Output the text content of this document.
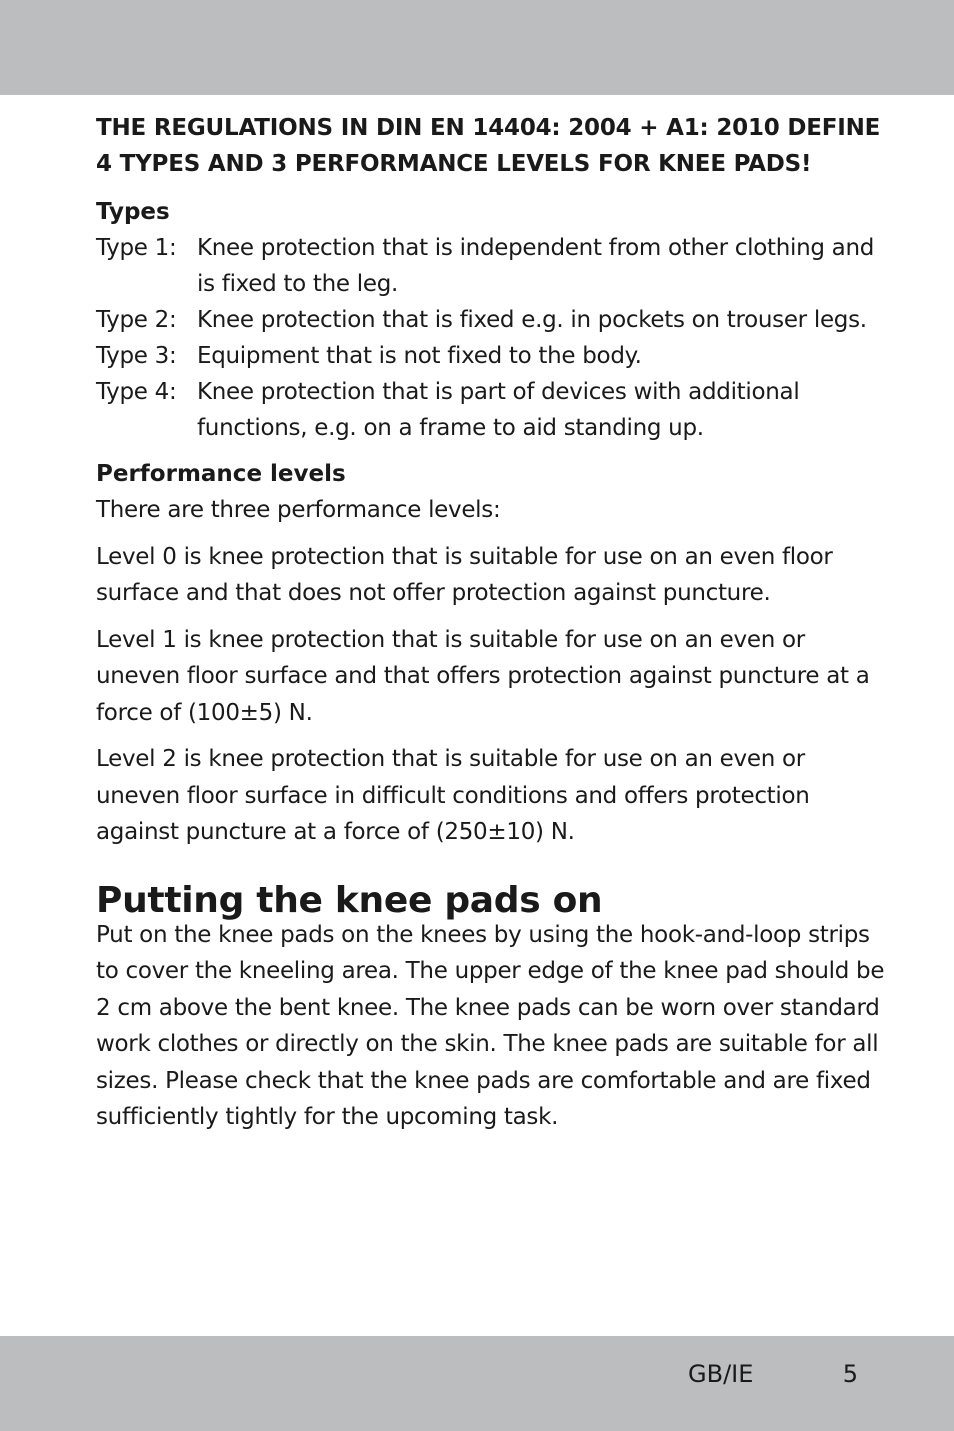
THE REGULATIONS IN DIN EN 14404: 2004 + A1: 2010 DEFINE 4 TYPES AND 3 PERFORMANCE LEVELS FOR KNEE PADS!

Types
Type 1: Knee protection that is independent from other clothing and is fixed to the leg.
Type 2: Knee protection that is fixed e.g. in pockets on trouser legs.
Type 3: Equipment that is not fixed to the body.
Type 4: Knee protection that is part of devices with additional functions, e.g. on a frame to aid standing up.
Performance levels

There are three performance levels:

Level 0 is knee protection that is suitable for use on an even floor surface and that does not offer protection against puncture.

Level 1 is knee protection that is suitable for use on an even or uneven floor surface and that offers protection against puncture at a force of (100±5) N.

Level 2 is knee protection that is suitable for use on an even or uneven floor surface in difficult conditions and offers protection against puncture at a force of (250±10) N.

Putting the knee pads on

Put on the knee pads on the knees by using the hook-and-loop strips to cover the kneeling area. The upper edge of the knee pad should be 2 cm above the bent knee. The knee pads can be worn over standard work clothes or directly on the skin. The knee pads are suitable for all sizes. Please check that the knee pads are comfortable and are fixed sufficiently tightly for the upcoming task.

GB/IE	5
